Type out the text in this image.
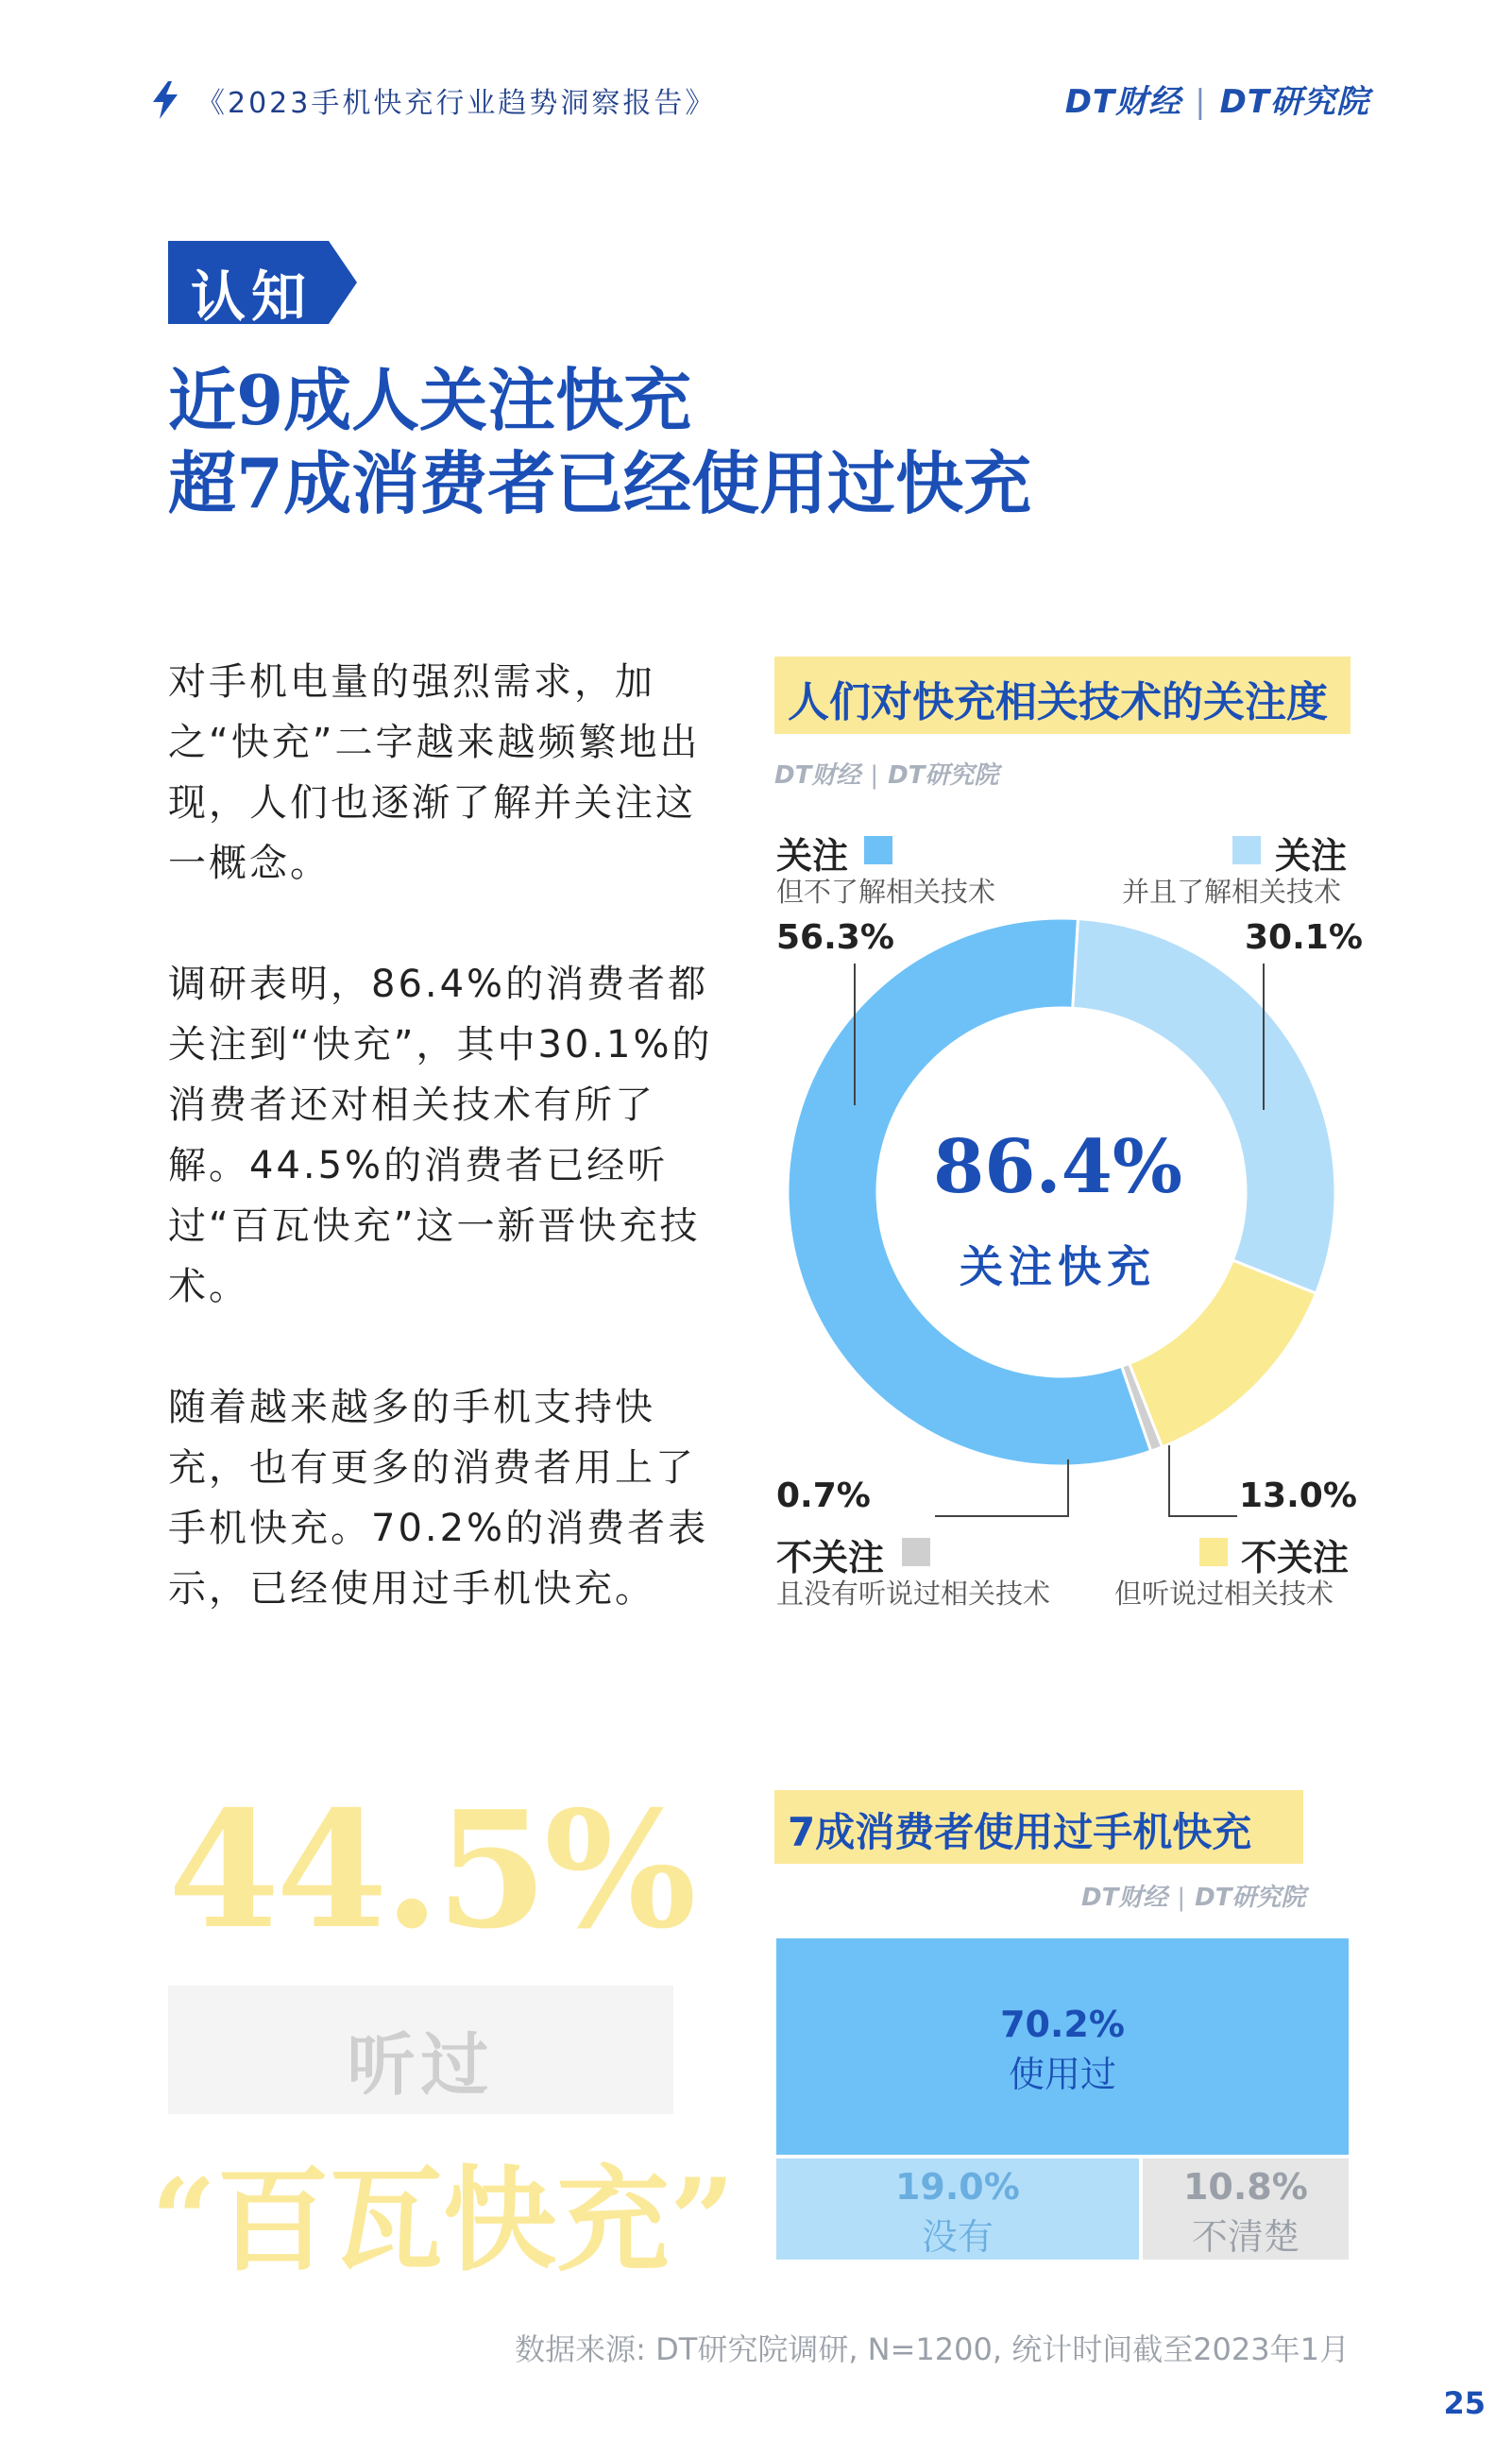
《2023手机快充行业趋势洞察报告》	DT财经 | DT研究院
认知
近9成人关注快充
超7成消费者已经使用过快充

对手机电量的强烈需求，加之“快充”二字越来越频繁地出现，人们也逐渐了解并关注这一概念。

调研表明，86.4%的消费者都关注到“快充”，其中30.1%的消费者还对相关技术有所了解。44.5%的消费者已经听过“百瓦快充”这一新晋快充技术。

随着越来越多的手机支持快充，也有更多的消费者用上了手机快充。70.2%的消费者表示，已经使用过手机快充。

人们对快充相关技术的关注度
DT财经 | DT研究院
关注
但不了解相关技术
56.3%
关注
并且了解相关技术
30.1%
13.0%
不关注
但听说过相关技术
0.7%
不关注
且没有听说过相关技术
86.4%
关注快充
44.5%
听过
“百瓦快充”
7成消费者使用过手机快充
DT财经 | DT研究院
70.2%
使用过
19.0%
没有
10.8%
不清楚
数据来源: DT研究院调研, N=1200, 统计时间截至2023年1月
25
